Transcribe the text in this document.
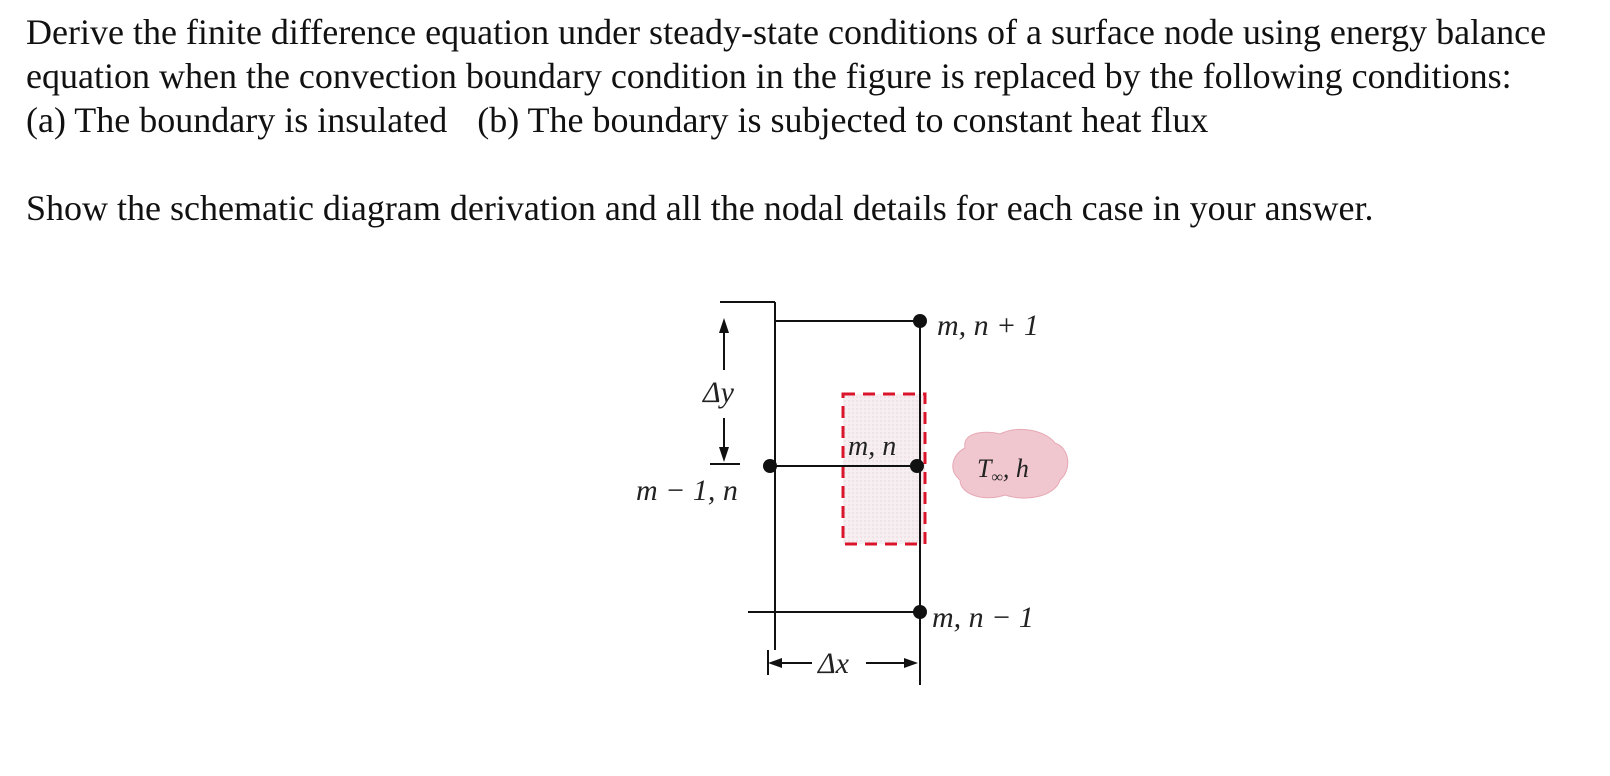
Derive the finite difference equation under steady-state conditions of a surface node using energy balance equation when the convection boundary condition in the figure is replaced by the following conditions:

(a) The boundary is insulated (b) The boundary is subjected to constant heat flux

Show the schematic diagram derivation and all the nodal details for each case in your answer.

Δy
Δx
m, n + 1
m, n
m − 1, n
m, n − 1
T∞, h
